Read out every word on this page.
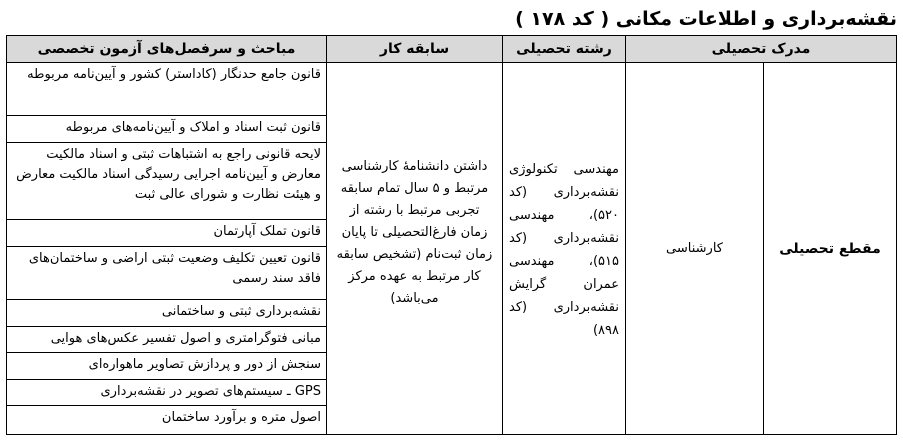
نقشه‌برداری و اطلاعات مکانی ( کد ۱۷۸ )
مدرک تحصیلی		رشته تحصیلی	سابقه کار	مباحث و سرفصل‌های آزمون تخصصی
مقطع تحصیلی	کارشناسی	مهندسی تکنولوژی نقشه‌برداری (کد ۵۲۰)، مهندسی نقشه‌برداری (کد ۵۱۵)، مهندسی عمران گرایش نقشه‌برداری (کد ۸۹۸)	داشتن دانشنامهٔ کارشناسی مرتبط و ۵ سال تمام سابقه تجربی مرتبط با رشته از زمان فارغ‌التحصیلی تا پایان زمان ثبت‌نام (تشخیص سابقه کار مرتبط به عهده مرکز می‌باشد)	قانون جامع حدنگار (کاداستر) کشور و آیین‌نامه مربوطه
				قانون ثبت اسناد و املاک و آیین‌نامه‌های مربوطه
				لایحه قانونی راجع به اشتباهات ثبتی و اسناد مالکیت معارض و آیین‌نامه اجرایی رسیدگی اسناد مالکیت معارض و هیئت نظارت و شورای عالی ثبت
				قانون تملک آپارتمان
				قانون تعیین تکلیف وضعیت ثبتی اراضی و ساختمان‌های فاقد سند رسمی
				نقشه‌برداری ثبتی و ساختمانی
				مبانی فتوگرامتری و اصول تفسیر عکس‌های هوایی
				سنجش از دور و پردازش تصاویر ماهواره‌ای
				GPS ـ سیستم‌های تصویر در نقشه‌برداری
				اصول متره و برآورد ساختمان
